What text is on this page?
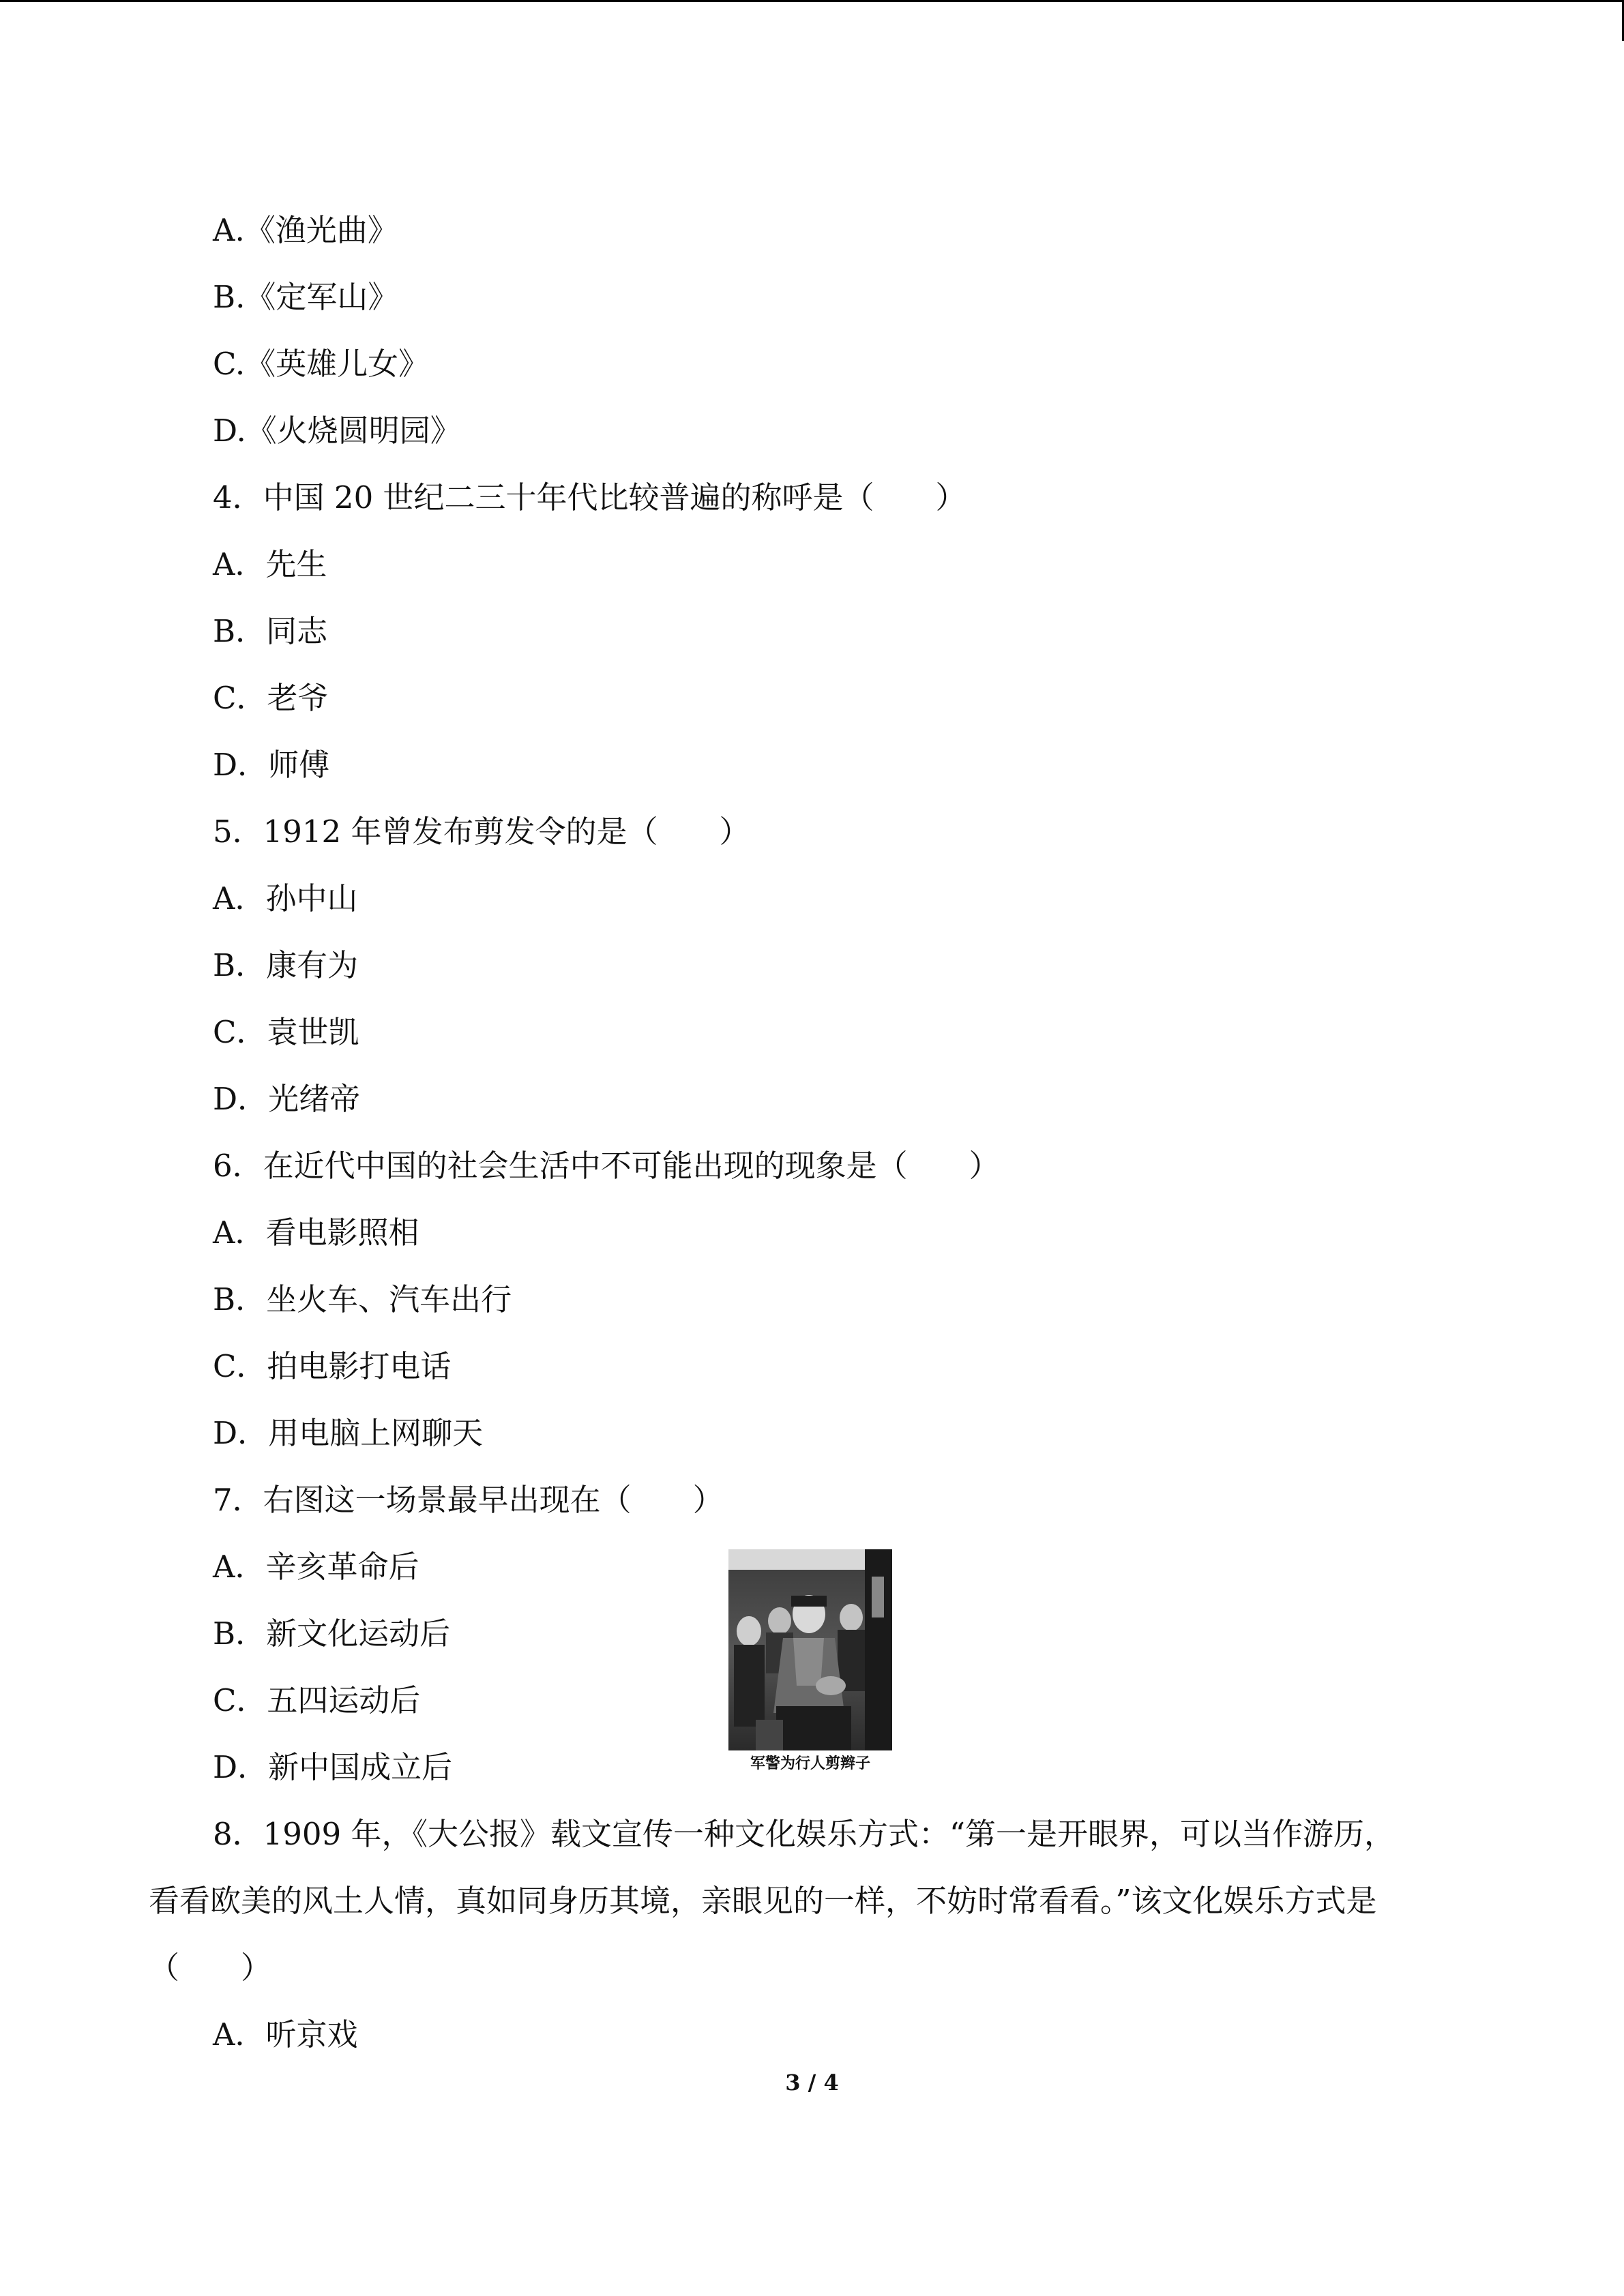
A.《渔光曲》
B.《定军山》
C.《英雄儿女》
D.《火烧圆明园》
4．中国 20 世纪二三十年代比较普遍的称呼是（　　）
A．先生
B．同志
C．老爷
D．师傅
5．1912 年曾发布剪发令的是（　　）
A．孙中山
B．康有为
C．袁世凯
D．光绪帝
6．在近代中国的社会生活中不可能出现的现象是（　　）
A．看电影照相
B．坐火车、汽车出行
C．拍电影打电话
D．用电脑上网聊天
7．右图这一场景最早出现在（　　）
A．辛亥革命后
B．新文化运动后
C．五四运动后
D．新中国成立后	军警为行人剪辫子
8．1909 年，《大公报》载文宣传一种文化娱乐方式：“第一是开眼界，可以当作游历，
看看欧美的风土人情，真如同身历其境，亲眼见的一样，不妨时常看看。”该文化娱乐方式是
（　　）
A．听京戏
3 / 4
